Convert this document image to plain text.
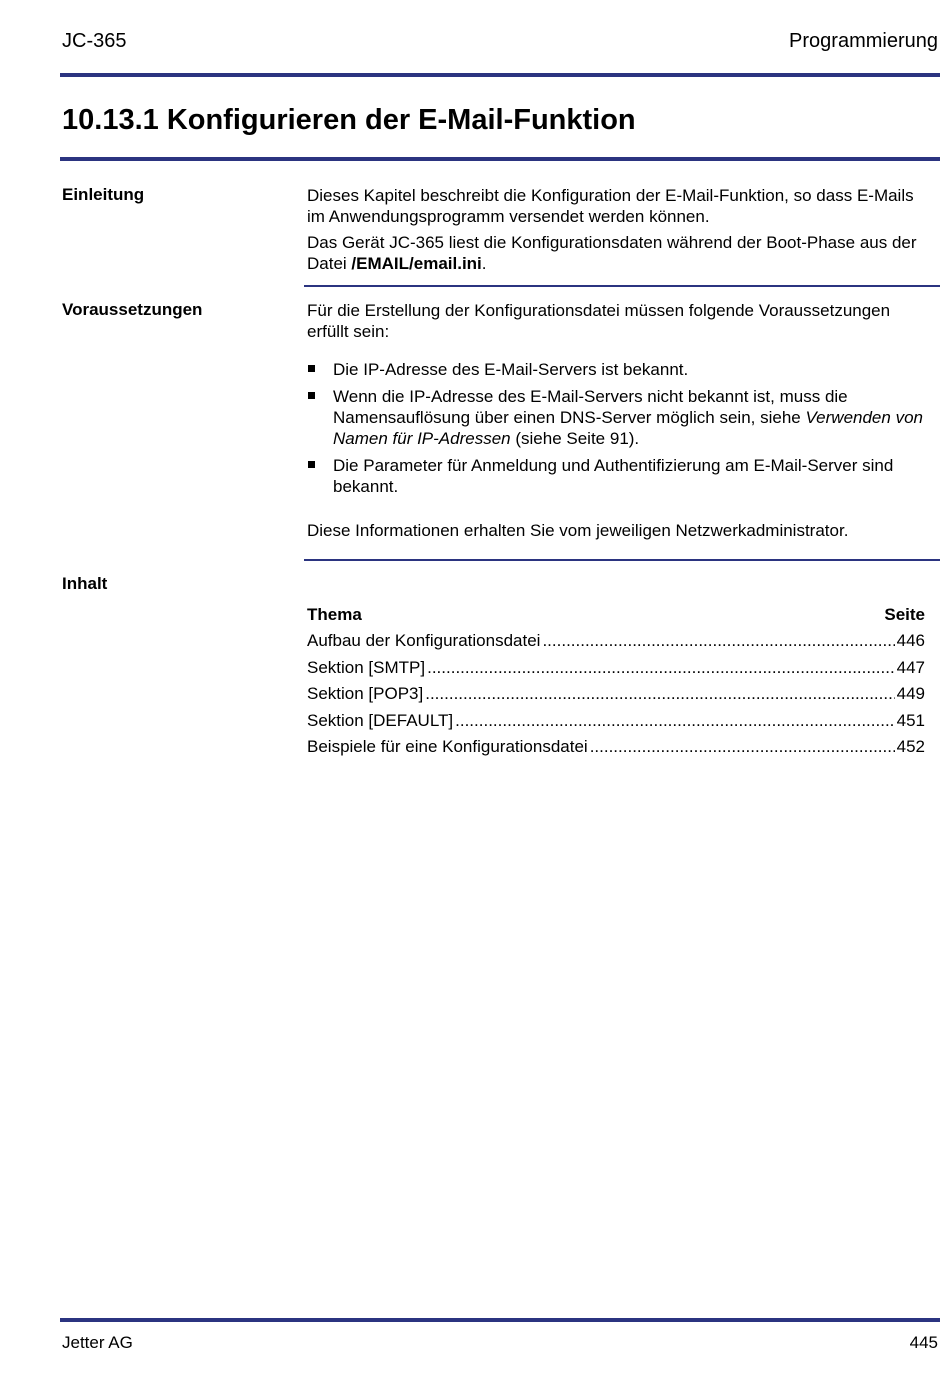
JC-365	Programmierung
10.13.1 Konfigurieren der E-Mail-Funktion
Einleitung	Dieses Kapitel beschreibt die Konfiguration der E-Mail-Funktion, so dass E-Mails im Anwendungsprogramm versendet werden können.

Das Gerät JC-365 liest die Konfigurationsdaten während der Boot-Phase aus der Datei /EMAIL/email.ini.

Voraussetzungen	Für die Erstellung der Konfigurationsdatei müssen folgende Voraussetzungen erfüllt sein:

Die IP-Adresse des E-Mail-Servers ist bekannt.
Wenn die IP-Adresse des E-Mail-Servers nicht bekannt ist, muss die Namensauflösung über einen DNS-Server möglich sein, siehe Verwenden von Namen für IP-Adressen (siehe Seite 91).
Die Parameter für Anmeldung und Authentifizierung am E-Mail-Server sind bekannt.

Diese Informationen erhalten Sie vom jeweiligen Netzwerkadministrator.

Inhalt
Thema	Seite
Aufbau der Konfigurationsdatei .....	446
Sektion [SMTP] .....	447
Sektion [POP3] .....	449
Sektion [DEFAULT] .....	451
Beispiele für eine Konfigurationsdatei .....	452
Jetter AG	445
